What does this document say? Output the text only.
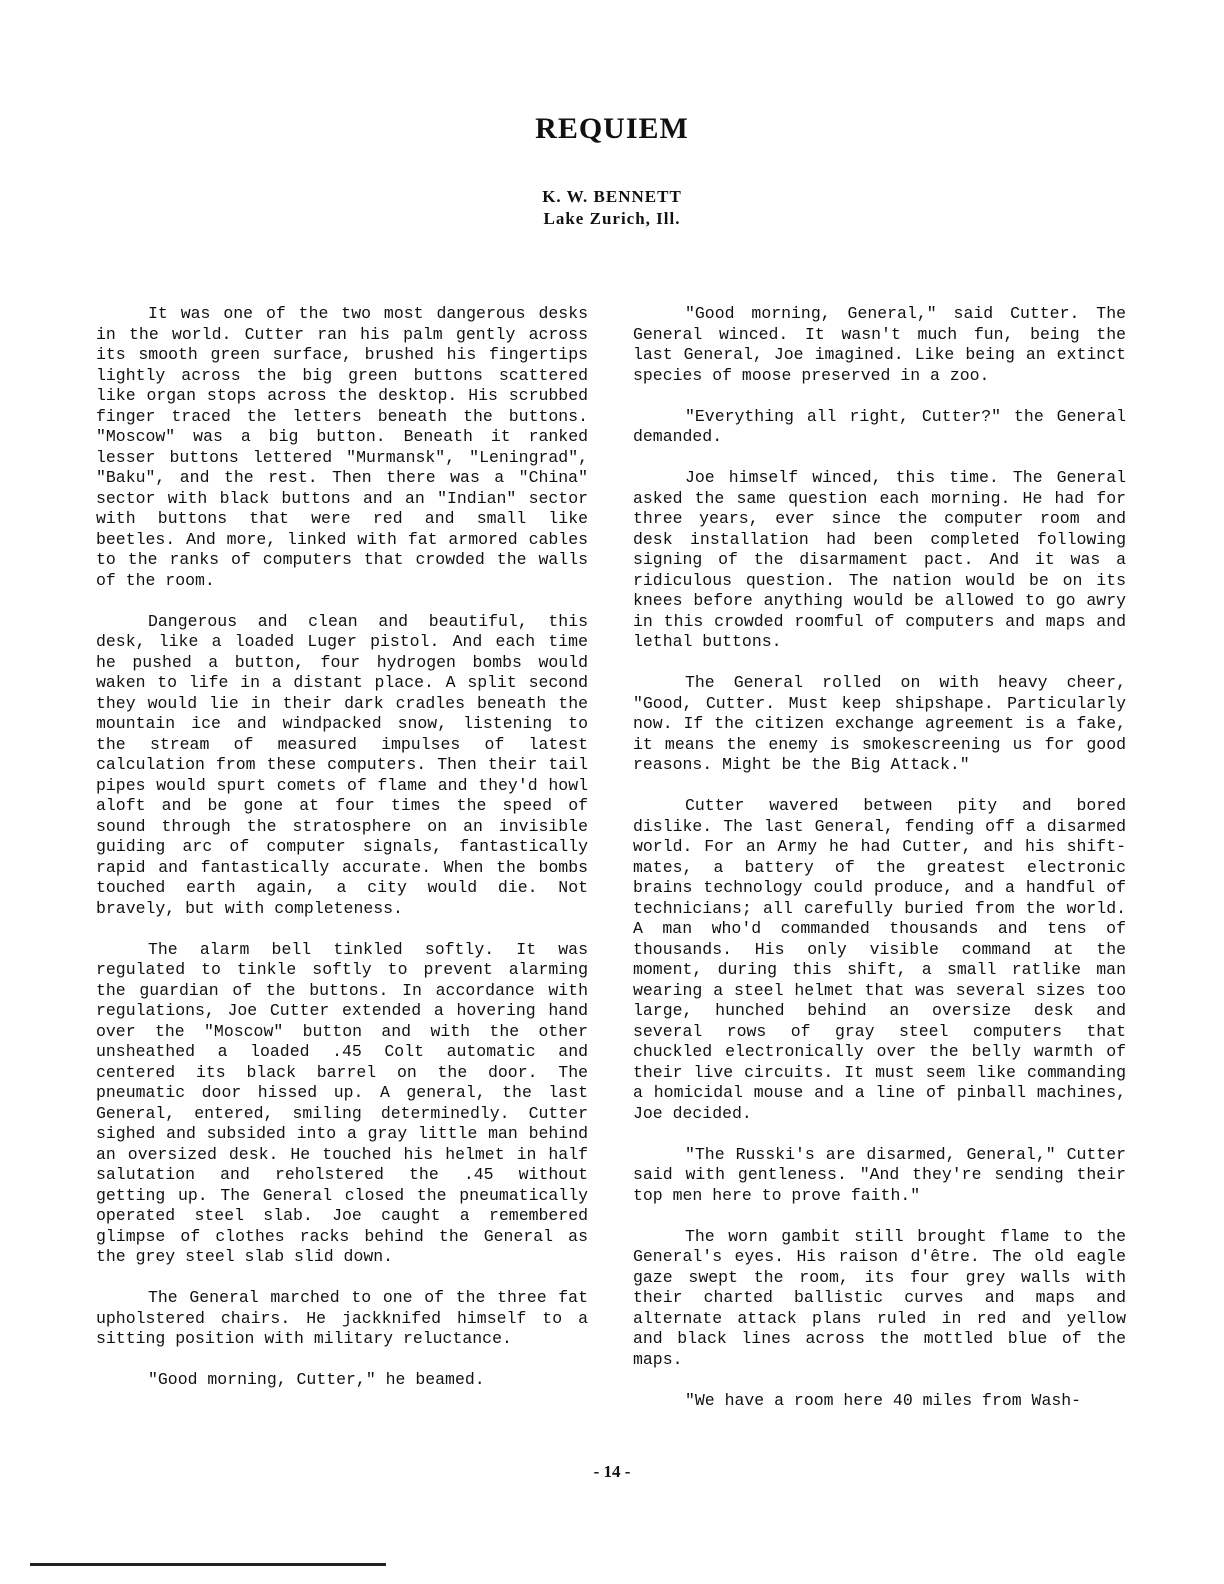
REQUIEM
K. W. BENNETT
Lake Zurich, Ill.

It was one of the two most dangerous desks in the world. Cutter ran his palm gently across its smooth green surface, brushed his fingertips lightly across the big green buttons scattered like organ stops across the desktop. His scrubbed finger traced the letters beneath the buttons. "Moscow" was a big button. Beneath it ranked lesser buttons lettered "Murmansk", "Leningrad", "Baku", and the rest. Then there was a "China" sector with black buttons and an "Indian" sector with buttons that were red and small like beetles. And more, linked with fat armored cables to the ranks of computers that crowded the walls of the room.

Dangerous and clean and beautiful, this desk, like a loaded Luger pistol. And each time he pushed a button, four hydrogen bombs would waken to life in a distant place. A split second they would lie in their dark cradles beneath the mountain ice and windpacked snow, listening to the stream of measured impulses of latest calculation from these computers. Then their tail pipes would spurt comets of flame and they'd howl aloft and be gone at four times the speed of sound through the stratosphere on an invisible guiding arc of computer signals, fantastically rapid and fantastically accurate. When the bombs touched earth again, a city would die. Not bravely, but with completeness.

The alarm bell tinkled softly. It was regulated to tinkle softly to prevent alarming the guardian of the buttons. In accordance with regulations, Joe Cutter extended a hovering hand over the "Moscow" button and with the other unsheathed a loaded .45 Colt automatic and centered its black barrel on the door. The pneumatic door hissed up. A general, the last General, entered, smiling determinedly. Cutter sighed and subsided into a gray little man behind an oversized desk. He touched his helmet in half salutation and reholstered the .45 without getting up. The General closed the pneumatically operated steel slab. Joe caught a remembered glimpse of clothes racks behind the General as the grey steel slab slid down.

The General marched to one of the three fat upholstered chairs. He jackknifed himself to a sitting position with military reluctance.

"Good morning, Cutter," he beamed.

"Good morning, General," said Cutter. The General winced. It wasn't much fun, being the last General, Joe imagined. Like being an extinct species of moose preserved in a zoo.

"Everything all right, Cutter?" the General demanded.

Joe himself winced, this time. The General asked the same question each morning. He had for three years, ever since the computer room and desk installation had been completed following signing of the disarmament pact. And it was a ridiculous question. The nation would be on its knees before anything would be allowed to go awry in this crowded roomful of computers and maps and lethal buttons.

The General rolled on with heavy cheer, "Good, Cutter. Must keep shipshape. Particularly now. If the citizen exchange agreement is a fake, it means the enemy is smokescreening us for good reasons. Might be the Big Attack."

Cutter wavered between pity and bored dislike. The last General, fending off a disarmed world. For an Army he had Cutter, and his shift-mates, a battery of the greatest electronic brains technology could produce, and a handful of technicians; all carefully buried from the world. A man who'd commanded thousands and tens of thousands. His only visible command at the moment, during this shift, a small ratlike man wearing a steel helmet that was several sizes too large, hunched behind an oversize desk and several rows of gray steel computers that chuckled electronically over the belly warmth of their live circuits. It must seem like commanding a homicidal mouse and a line of pinball machines, Joe decided.

"The Russki's are disarmed, General," Cutter said with gentleness. "And they're sending their top men here to prove faith."

The worn gambit still brought flame to the General's eyes. His raison d'être. The old eagle gaze swept the room, its four grey walls with their charted ballistic curves and maps and alternate attack plans ruled in red and yellow and black lines across the mottled blue of the maps.

"We have a room here 40 miles from Wash-

- 14 -
